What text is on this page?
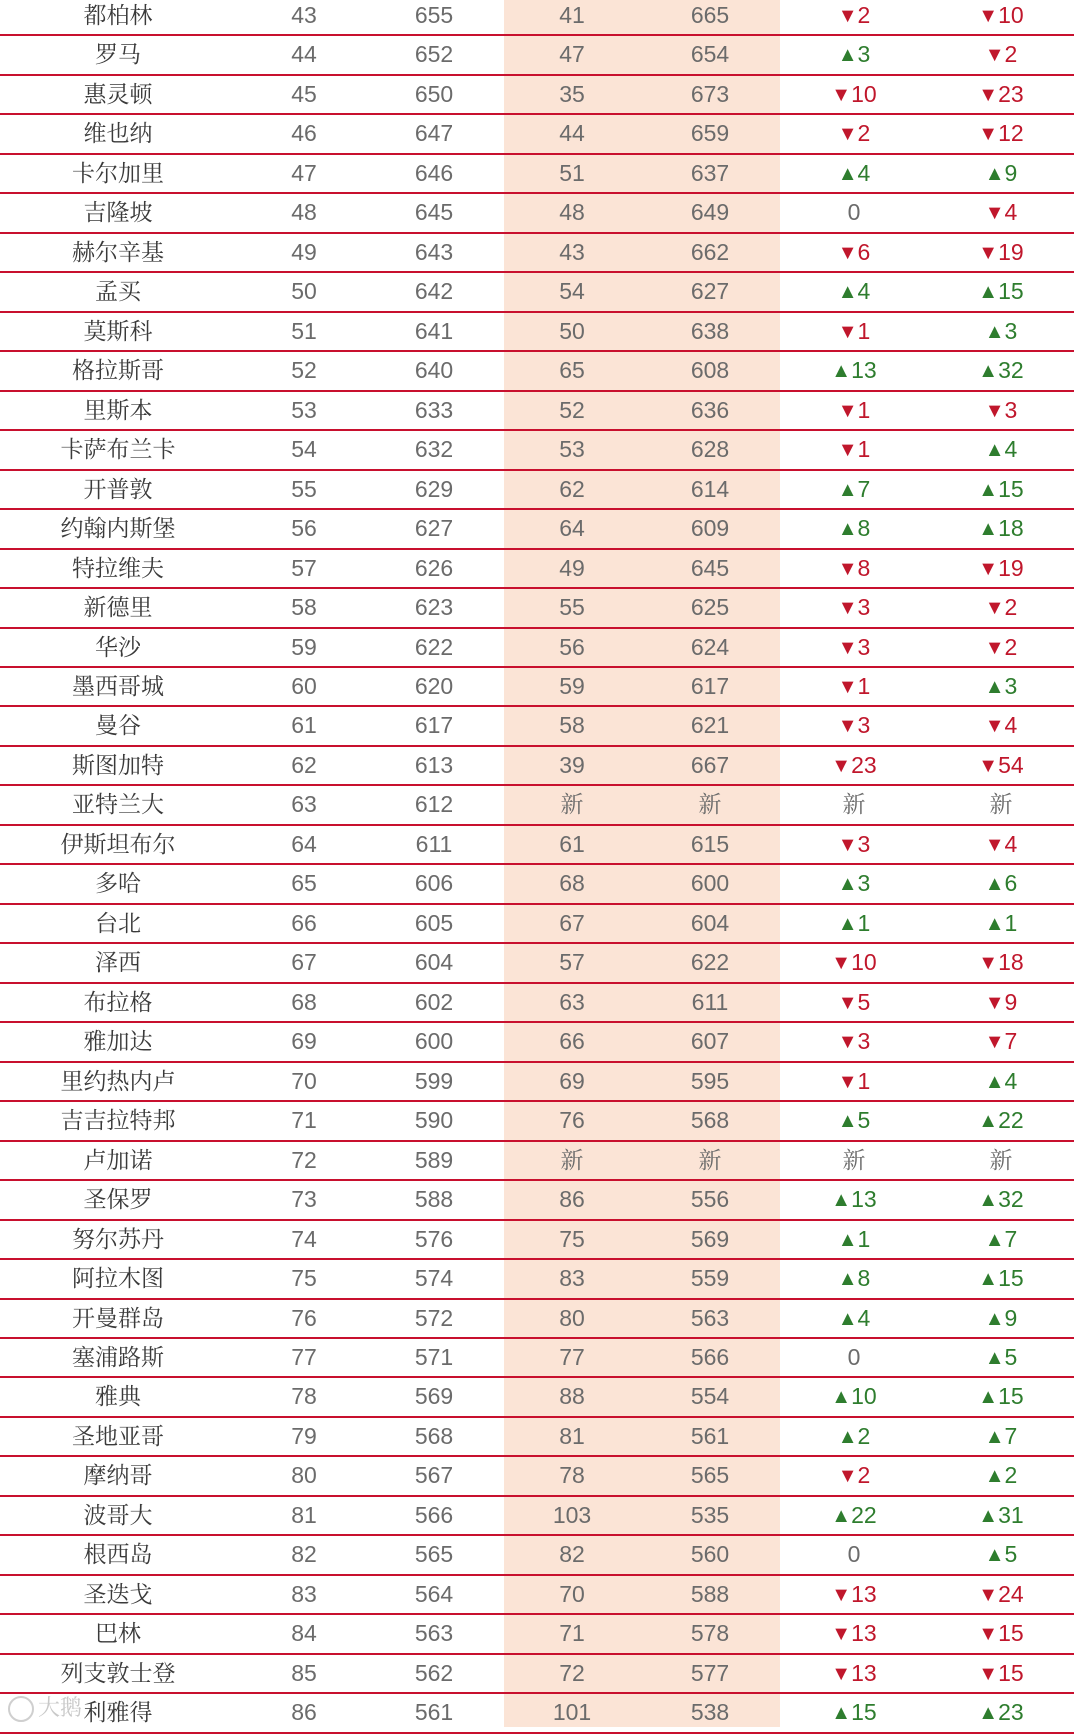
都柏林	43	655	41	665	▼2	▼10
罗马	44	652	47	654	▲3	▼2
惠灵顿	45	650	35	673	▼10	▼23
维也纳	46	647	44	659	▼2	▼12
卡尔加里	47	646	51	637	▲4	▲9
吉隆坡	48	645	48	649	0	▼4
赫尔辛基	49	643	43	662	▼6	▼19
孟买	50	642	54	627	▲4	▲15
莫斯科	51	641	50	638	▼1	▲3
格拉斯哥	52	640	65	608	▲13	▲32
里斯本	53	633	52	636	▼1	▼3
卡萨布兰卡	54	632	53	628	▼1	▲4
开普敦	55	629	62	614	▲7	▲15
约翰内斯堡	56	627	64	609	▲8	▲18
特拉维夫	57	626	49	645	▼8	▼19
新德里	58	623	55	625	▼3	▼2
华沙	59	622	56	624	▼3	▼2
墨西哥城	60	620	59	617	▼1	▲3
曼谷	61	617	58	621	▼3	▼4
斯图加特	62	613	39	667	▼23	▼54
亚特兰大	63	612	新	新	新	新
伊斯坦布尔	64	611	61	615	▼3	▼4
多哈	65	606	68	600	▲3	▲6
台北	66	605	67	604	▲1	▲1
泽西	67	604	57	622	▼10	▼18
布拉格	68	602	63	611	▼5	▼9
雅加达	69	600	66	607	▼3	▼7
里约热内卢	70	599	69	595	▼1	▲4
吉吉拉特邦	71	590	76	568	▲5	▲22
卢加诺	72	589	新	新	新	新
圣保罗	73	588	86	556	▲13	▲32
努尔苏丹	74	576	75	569	▲1	▲7
阿拉木图	75	574	83	559	▲8	▲15
开曼群岛	76	572	80	563	▲4	▲9
塞浦路斯	77	571	77	566	0	▲5
雅典	78	569	88	554	▲10	▲15
圣地亚哥	79	568	81	561	▲2	▲7
摩纳哥	80	567	78	565	▼2	▲2
波哥大	81	566	103	535	▲22	▲31
根西岛	82	565	82	560	0	▲5
圣迭戈	83	564	70	588	▼13	▼24
巴林	84	563	71	578	▼13	▼15
列支敦士登	85	562	72	577	▼13	▼15
利雅得	86	561	101	538	▲15	▲23
大鹅
